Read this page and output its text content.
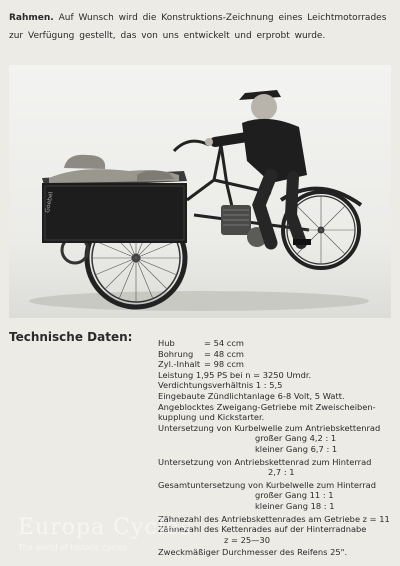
Rahmen. Auf Wunsch wird die Konstruktions-Zeichnung eines Leichtmotorrades zur Verfügung gestellt, das von uns entwickelt und erprobt wurde.

Goebel

Technische Daten:	Hub	= 54 ccm
Bohrung	= 48 ccm
Zyl.-Inhalt = 98 ccm
Leistung 1,95 PS bei n = 3250 Umdr.
Verdichtungsverhältnis 1 : 5,5
Eingebaute Zündlichtanlage 6-8 Volt, 5 Watt.
Angeblocktes Zweigang-Getriebe mit Zweischeiben-
kupplung und Kickstarter.
Untersetzung von Kurbelwelle zum Antriebskettenrad
großer Gang 4,2 : 1
kleiner Gang 6,7 : 1
Untersetzung von Antriebskettenrad zum Hinterrad
2,7 : 1
Gesamtuntersetzung von Kurbelwelle zum Hinterrad
großer Gang 11 : 1
kleiner Gang 18 : 1
Zähnezahl des Antriebskettenrades am Getriebe z = 11
Zähnezahl des Kettenrades auf der Hinterradnabe
z = 25—30
Zweckmäßiger Durchmesser des Reifens 25".

Europa Cycles

The world of historic cycles
